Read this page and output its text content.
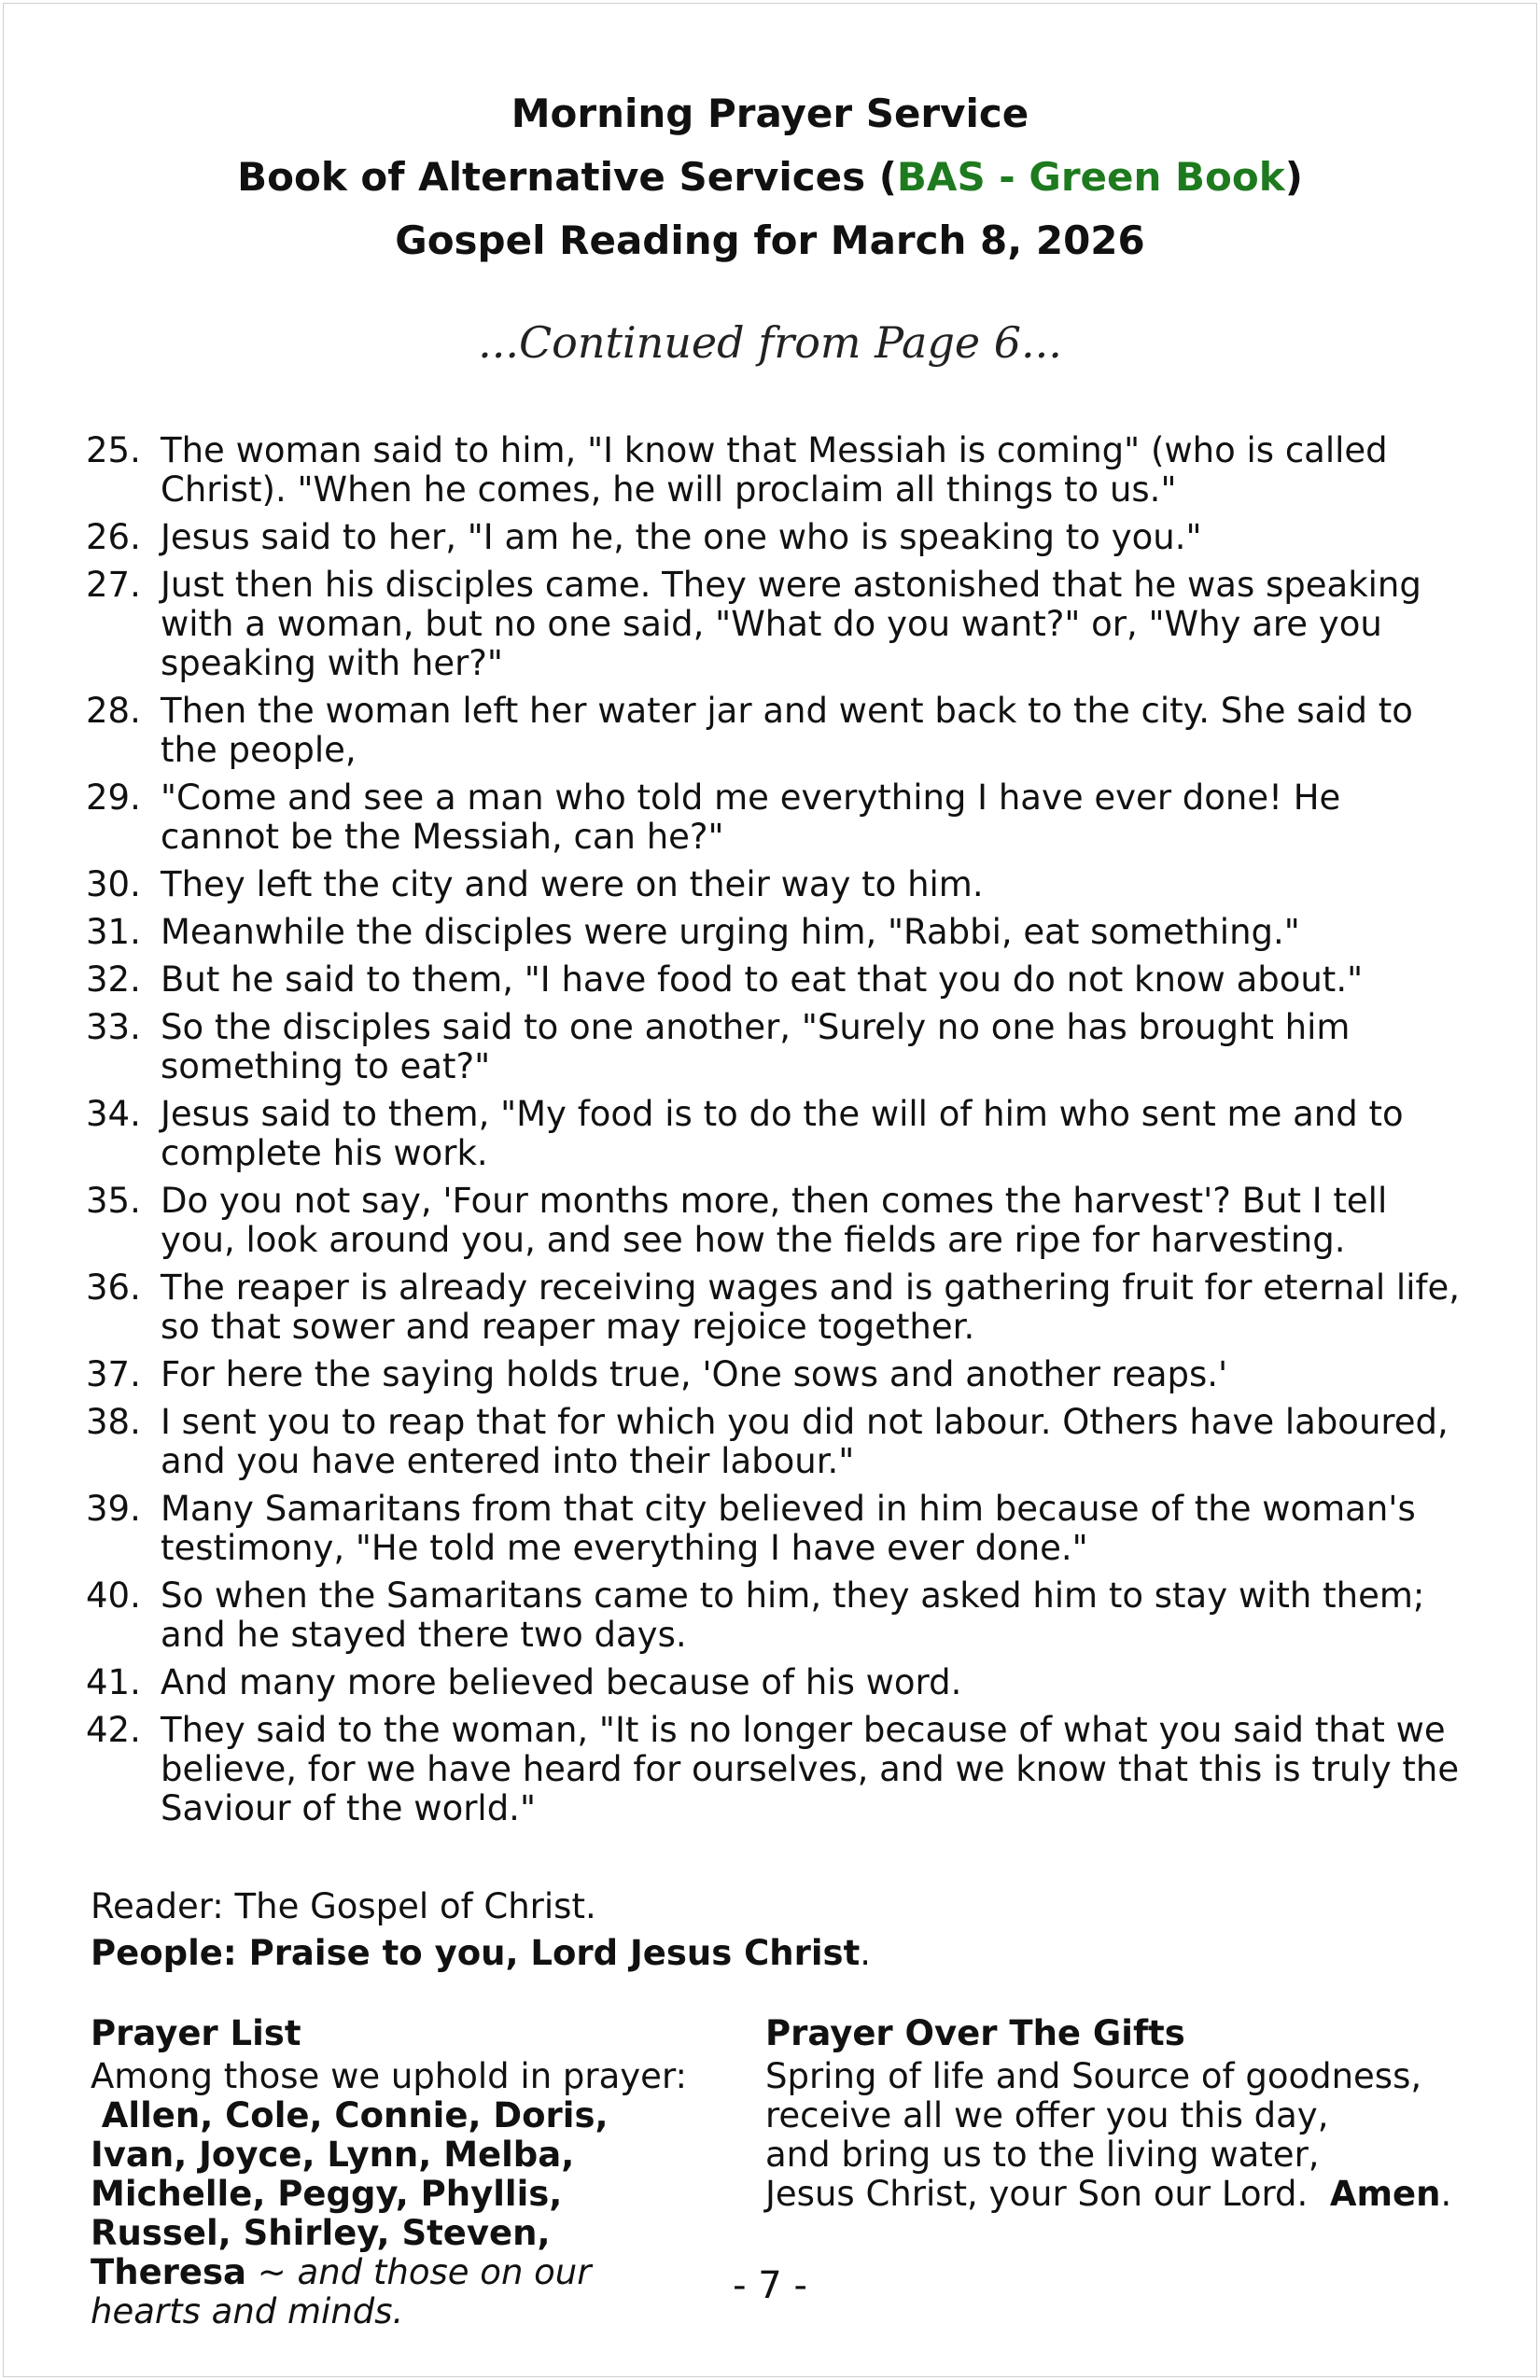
Morning Prayer Service
Book of Alternative Services (BAS - Green Book)
Gospel Reading for March 8, 2026
...Continued from Page 6...
25. The woman said to him, "I know that Messiah is coming" (who is called Christ). "When he comes, he will proclaim all things to us."
26. Jesus said to her, "I am he, the one who is speaking to you."
27. Just then his disciples came. They were astonished that he was speaking with a woman, but no one said, "What do you want?" or, "Why are you speaking with her?"
28. Then the woman left her water jar and went back to the city. She said to the people,
29. "Come and see a man who told me everything I have ever done! He cannot be the Messiah, can he?"
30. They left the city and were on their way to him.
31. Meanwhile the disciples were urging him, "Rabbi, eat something."
32. But he said to them, "I have food to eat that you do not know about."
33. So the disciples said to one another, "Surely no one has brought him something to eat?"
34. Jesus said to them, "My food is to do the will of him who sent me and to complete his work.
35. Do you not say, 'Four months more, then comes the harvest'? But I tell you, look around you, and see how the fields are ripe for harvesting.
36. The reaper is already receiving wages and is gathering fruit for eternal life, so that sower and reaper may rejoice together.
37. For here the saying holds true, 'One sows and another reaps.'
38. I sent you to reap that for which you did not labour. Others have laboured, and you have entered into their labour."
39. Many Samaritans from that city believed in him because of the woman's testimony, "He told me everything I have ever done."
40. So when the Samaritans came to him, they asked him to stay with them; and he stayed there two days.
41. And many more believed because of his word.
42. They said to the woman, "It is no longer because of what you said that we believe, for we have heard for ourselves, and we know that this is truly the Saviour of the world."
Reader: The Gospel of Christ.
People: Praise to you, Lord Jesus Christ.
Prayer List
Among those we uphold in prayer:
Allen, Cole, Connie, Doris, Ivan, Joyce, Lynn, Melba, Michelle, Peggy, Phyllis, Russel, Shirley, Steven, Theresa ~ and those on our hearts and minds.
Prayer Over The Gifts
Spring of life and Source of goodness,
receive all we offer you this day,
and bring us to the living water,
Jesus Christ, your Son our Lord. Amen.
- 7 -
